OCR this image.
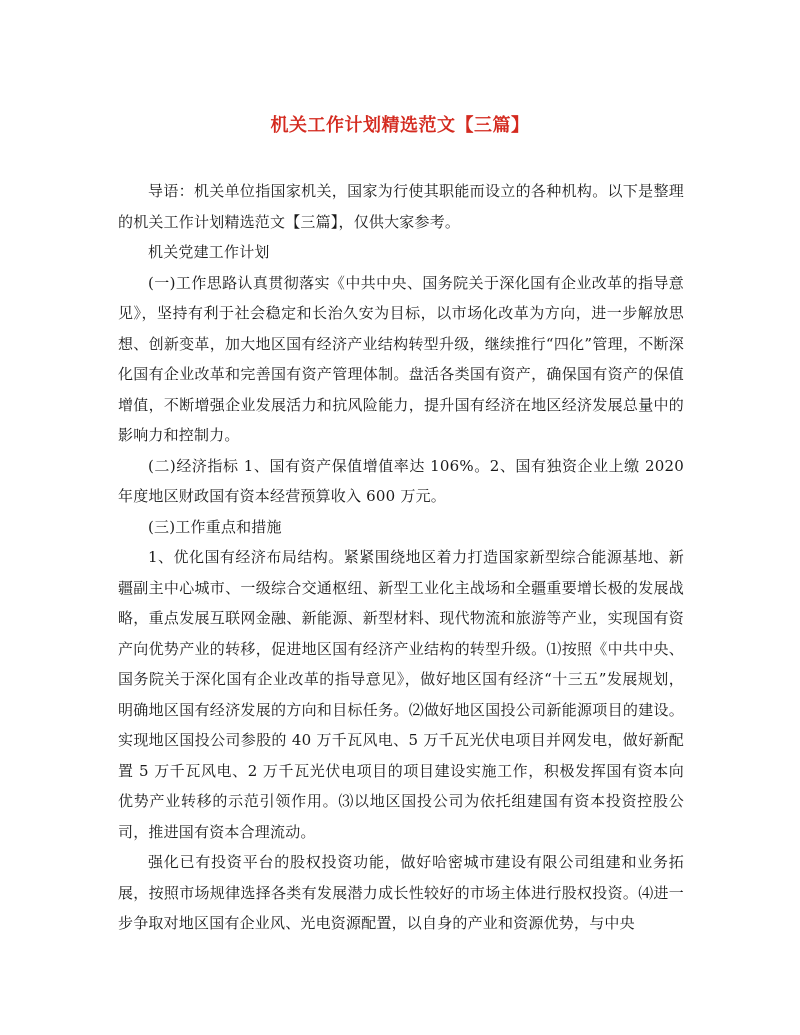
机关工作计划精选范文【三篇】

导语：机关单位指国家机关，国家为行使其职能而设立的各种机构。以下是整理的机关工作计划精选范文【三篇】，仅供大家参考。

机关党建工作计划

(一)工作思路认真贯彻落实《中共中央、国务院关于深化国有企业改革的指导意见》，坚持有利于社会稳定和长治久安为目标，以市场化改革为方向，进一步解放思想、创新变革，加大地区国有经济产业结构转型升级，继续推行“四化”管理，不断深化国有企业改革和完善国有资产管理体制。盘活各类国有资产，确保国有资产的保值增值，不断增强企业发展活力和抗风险能力，提升国有经济在地区经济发展总量中的影响力和控制力。

(二)经济指标 1、国有资产保值增值率达 106%。2、国有独资企业上缴 2020 年度地区财政国有资本经营预算收入 600 万元。

(三)工作重点和措施

1、优化国有经济布局结构。紧紧围绕地区着力打造国家新型综合能源基地、新疆副主中心城市、一级综合交通枢纽、新型工业化主战场和全疆重要增长极的发展战略，重点发展互联网金融、新能源、新型材料、现代物流和旅游等产业，实现国有资产向优势产业的转移，促进地区国有经济产业结构的转型升级。⑴按照《中共中央、国务院关于深化国有企业改革的指导意见》，做好地区国有经济“十三五”发展规划，明确地区国有经济发展的方向和目标任务。⑵做好地区国投公司新能源项目的建设。实现地区国投公司参股的 40 万千瓦风电、5 万千瓦光伏电项目并网发电，做好新配置 5 万千瓦风电、2 万千瓦光伏电项目的项目建设实施工作，积极发挥国有资本向优势产业转移的示范引领作用。⑶以地区国投公司为依托组建国有资本投资控股公司，推进国有资本合理流动。

强化已有投资平台的股权投资功能，做好哈密城市建设有限公司组建和业务拓展，按照市场规律选择各类有发展潜力成长性较好的市场主体进行股权投资。⑷进一步争取对地区国有企业风、光电资源配置，以自身的产业和资源优势，与中央
